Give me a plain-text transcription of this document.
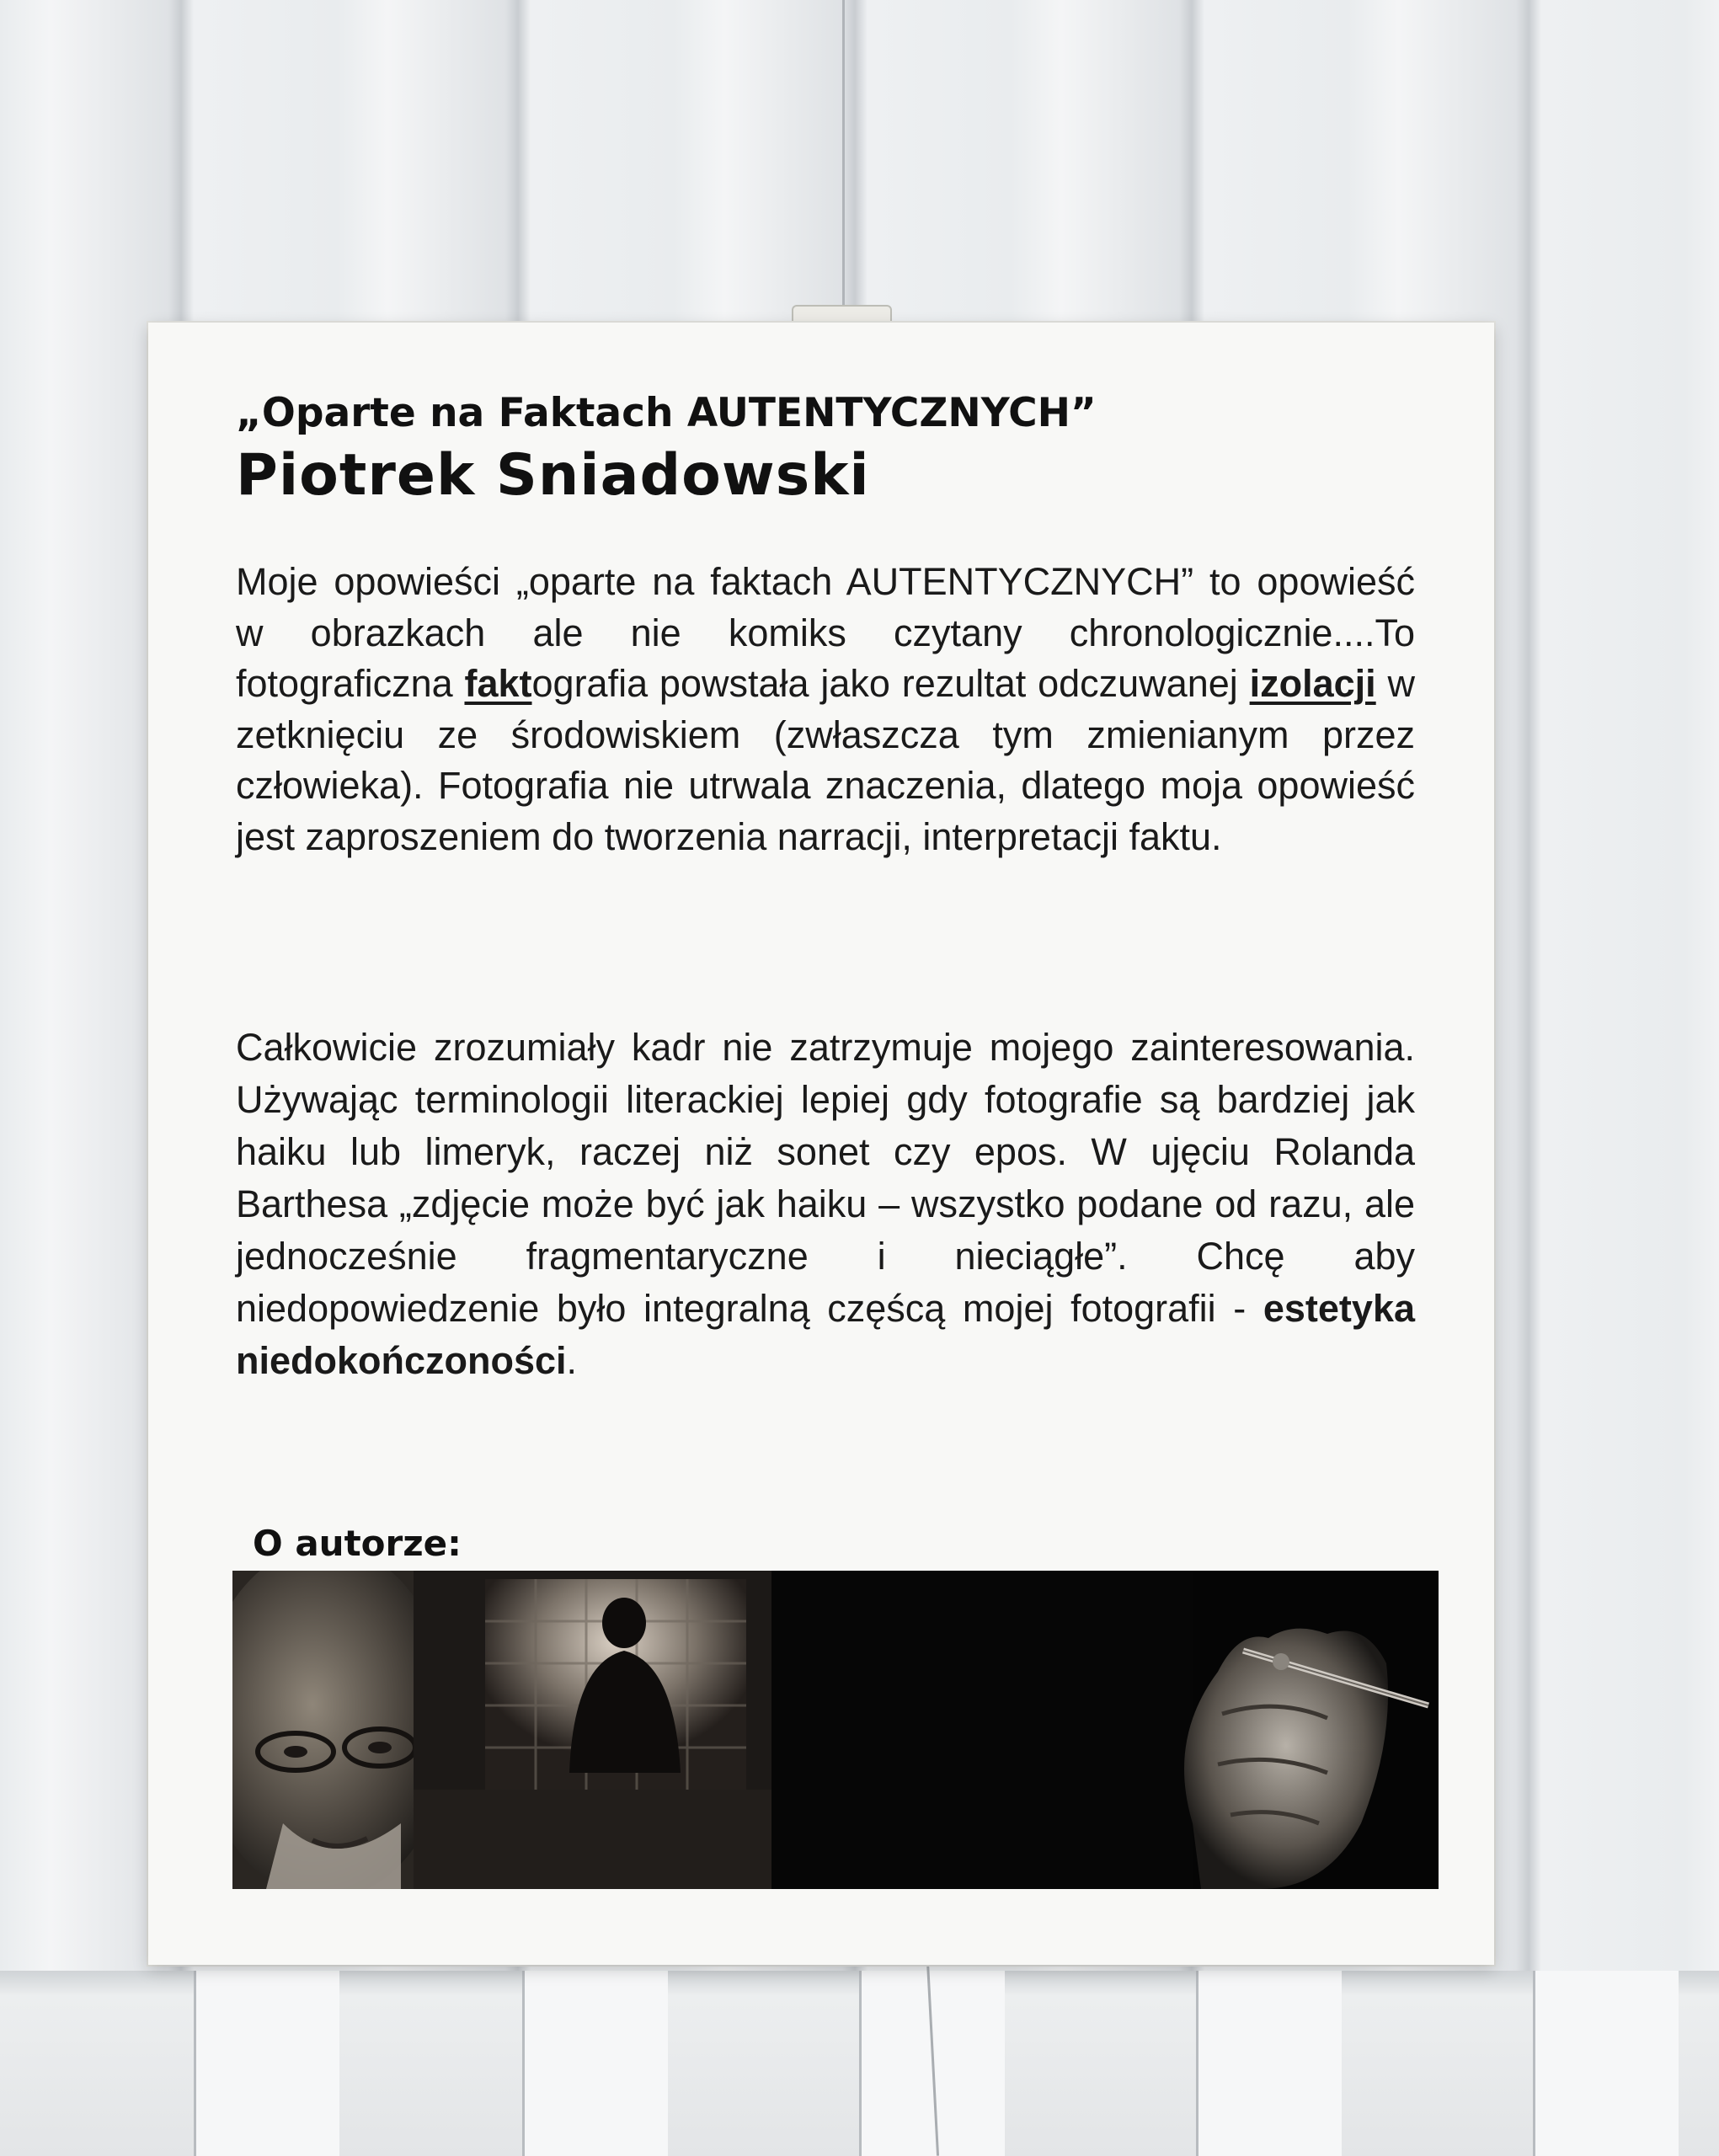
„Oparte na Faktach AUTENTYCZNYCH”
Piotrek Sniadowski

Moje opowieści „oparte na faktach AUTENTYCZNYCH” to opowieść w obrazkach ale nie komiks czytany chronologicznie....To fotograficzna faktografia powstała jako rezultat odczuwanej izolacji w zetknięciu ze środowiskiem (zwłaszcza tym zmienianym przez człowieka). Fotografia nie utrwala znaczenia, dlatego moja opowieść jest zaproszeniem do tworzenia narracji, interpretacji faktu.

Całkowicie zrozumiały kadr nie zatrzymuje mojego zainteresowania. Używając terminologii literackiej lepiej gdy fotografie są bardziej jak haiku lub limeryk, raczej niż sonet czy epos. W ujęciu Rolanda Barthesa „zdjęcie może być jak haiku – wszystko podane od razu, ale jednocześnie fragmentaryczne i nieciągłe”. Chcę aby niedopowiedzenie było integralną częścą mojej fotografii - estetyka niedokończoności.

O autorze:
